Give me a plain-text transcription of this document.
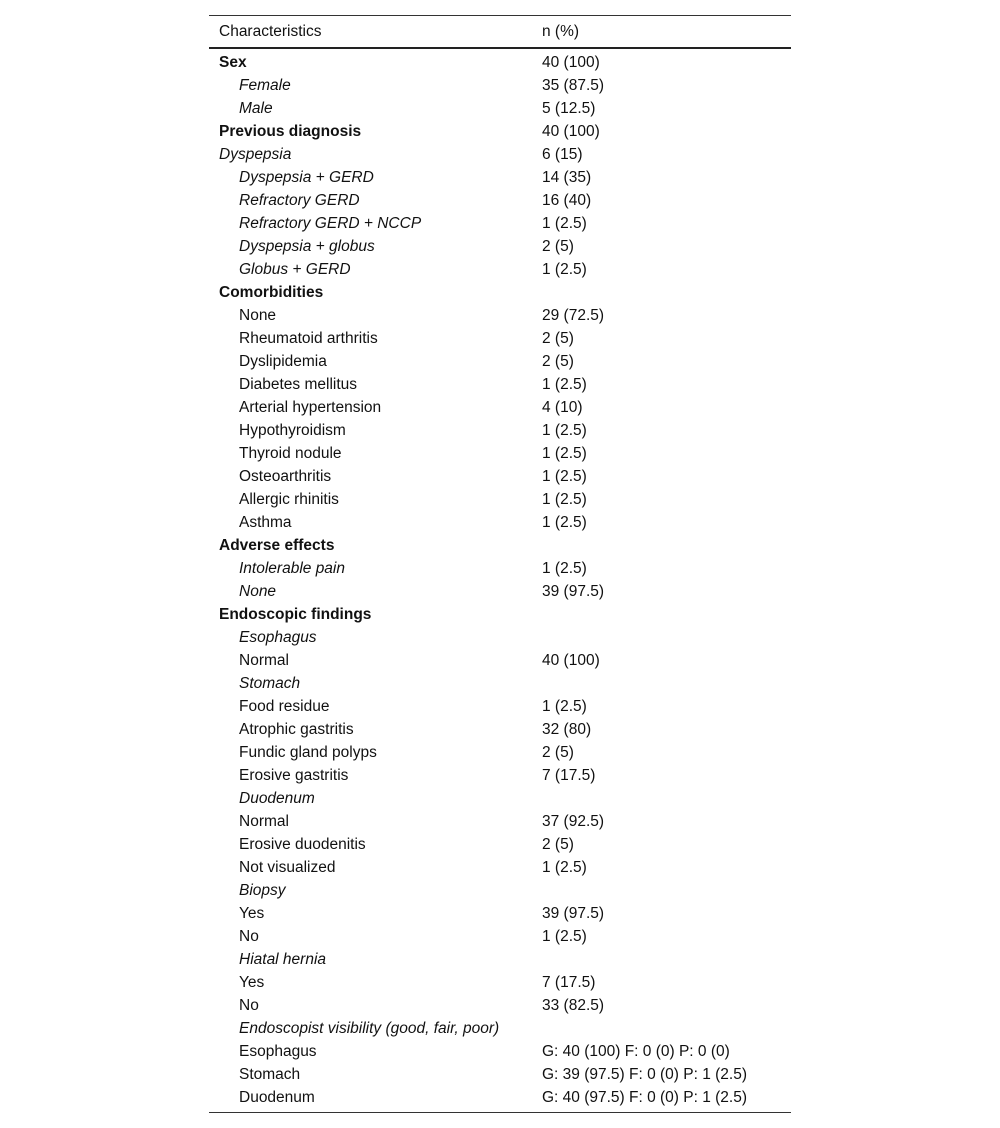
Characteristics	n (%)
Sex	40 (100)
Female	35 (87.5)
Male	5 (12.5)
Previous diagnosis	40 (100)
Dyspepsia	6 (15)
Dyspepsia + GERD	14 (35)
Refractory GERD	16 (40)
Refractory GERD + NCCP	1 (2.5)
Dyspepsia + globus	2 (5)
Globus + GERD	1 (2.5)
Comorbidities
None	29 (72.5)
Rheumatoid arthritis	2 (5)
Dyslipidemia	2 (5)
Diabetes mellitus	1 (2.5)
Arterial hypertension	4 (10)
Hypothyroidism	1 (2.5)
Thyroid nodule	1 (2.5)
Osteoarthritis	1 (2.5)
Allergic rhinitis	1 (2.5)
Asthma	1 (2.5)
Adverse effects
Intolerable pain	1 (2.5)
None	39 (97.5)
Endoscopic findings
Esophagus
Normal	40 (100)
Stomach
Food residue	1 (2.5)
Atrophic gastritis	32 (80)
Fundic gland polyps	2 (5)
Erosive gastritis	7 (17.5)
Duodenum
Normal	37 (92.5)
Erosive duodenitis	2 (5)
Not visualized	1 (2.5)
Biopsy
Yes	39 (97.5)
No	1 (2.5)
Hiatal hernia
Yes	7 (17.5)
No	33 (82.5)
Endoscopist visibility (good, fair, poor)
Esophagus	G: 40 (100) F: 0 (0) P: 0 (0)
Stomach	G: 39 (97.5) F: 0 (0) P: 1 (2.5)
Duodenum	G: 40 (97.5) F: 0 (0) P: 1 (2.5)
